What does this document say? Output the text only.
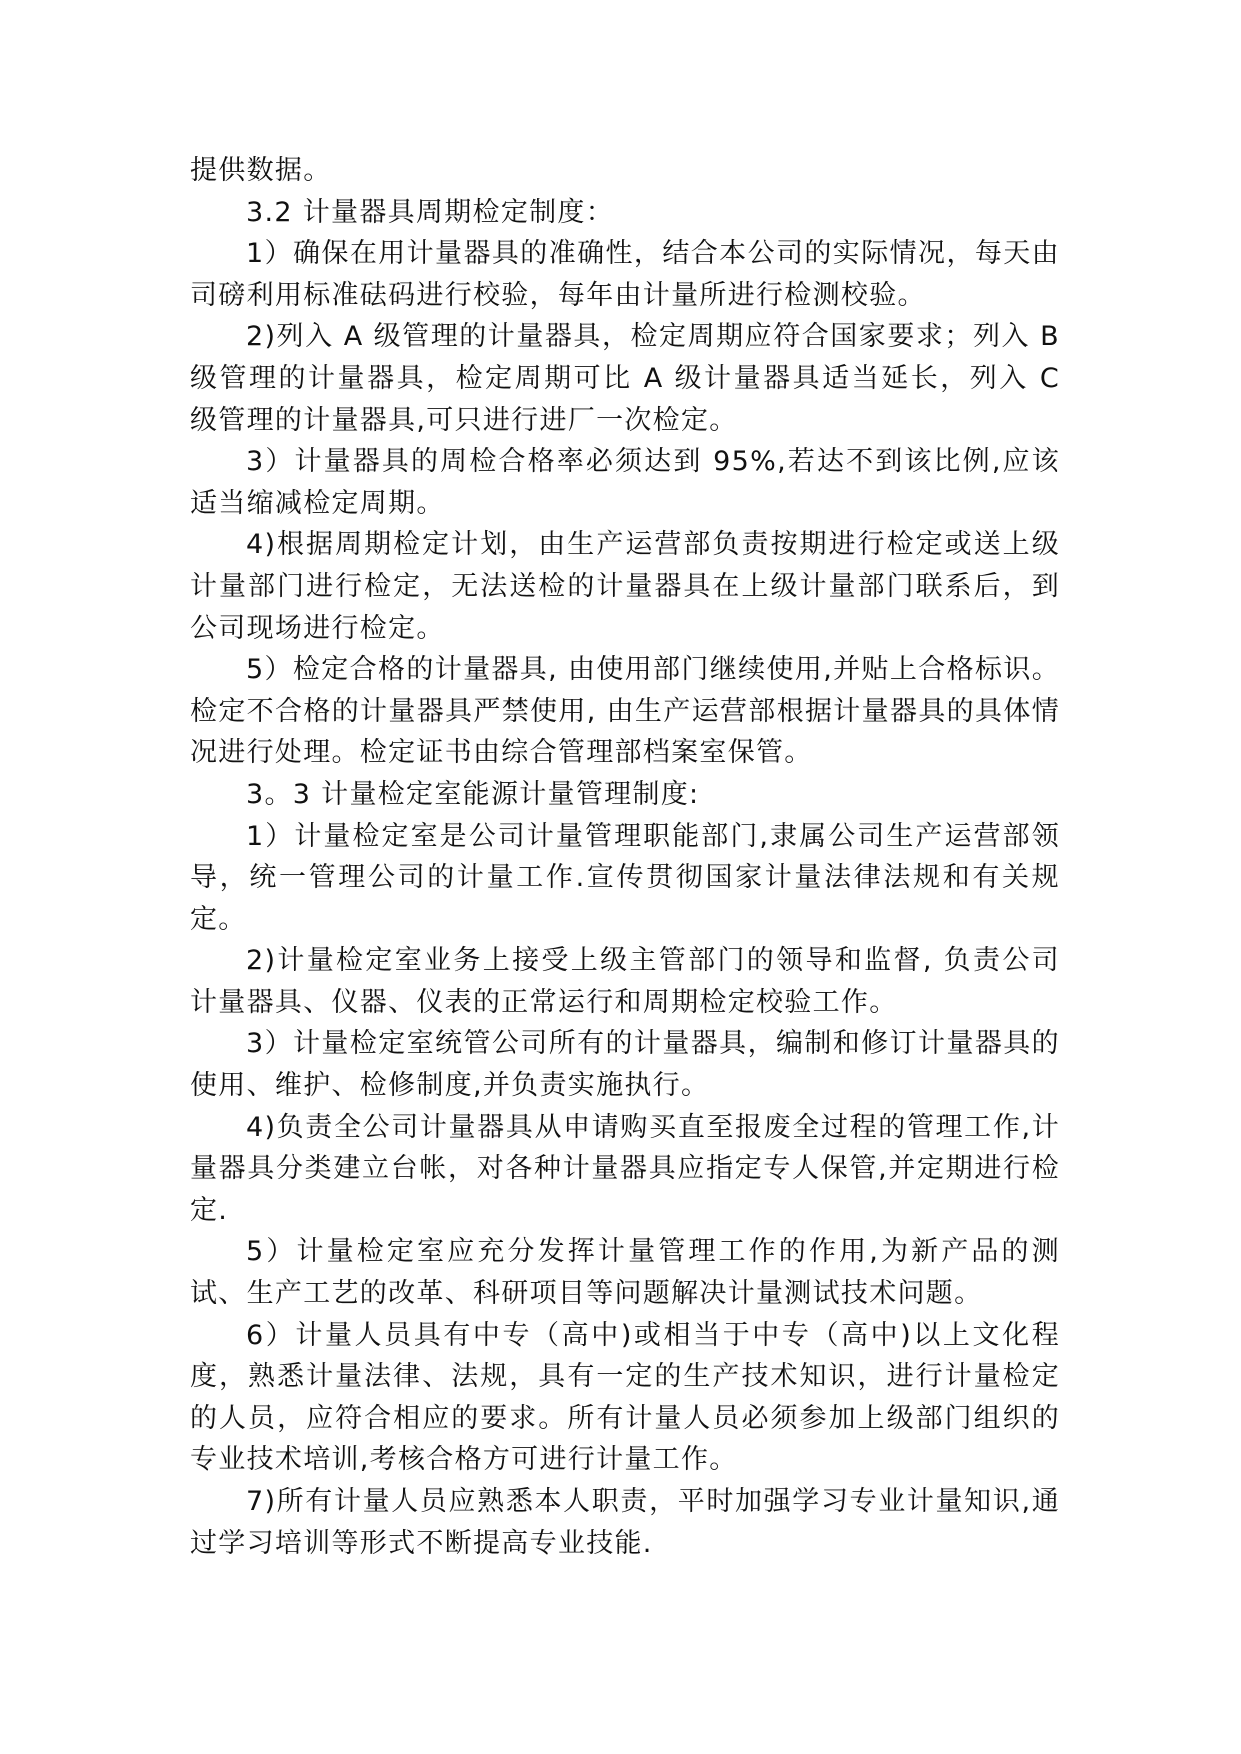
提供数据。

3.2 计量器具周期检定制度：

1）确保在用计量器具的准确性，结合本公司的实际情况，每天由司磅利用标准砝码进行校验，每年由计量所进行检测校验。

2)列入 A 级管理的计量器具，检定周期应符合国家要求；列入 B 级管理的计量器具，检定周期可比 A 级计量器具适当延长，列入 C 级管理的计量器具,可只进行进厂一次检定。

3）计量器具的周检合格率必须达到 95%,若达不到该比例,应该适当缩减检定周期。

4)根据周期检定计划，由生产运营部负责按期进行检定或送上级计量部门进行检定，无法送检的计量器具在上级计量部门联系后，到公司现场进行检定。

5）检定合格的计量器具, 由使用部门继续使用,并贴上合格标识。检定不合格的计量器具严禁使用, 由生产运营部根据计量器具的具体情况进行处理。检定证书由综合管理部档案室保管。

3。3 计量检定室能源计量管理制度:

1）计量检定室是公司计量管理职能部门,隶属公司生产运营部领导，统一管理公司的计量工作.宣传贯彻国家计量法律法规和有关规定。

2)计量检定室业务上接受上级主管部门的领导和监督, 负责公司计量器具、仪器、仪表的正常运行和周期检定校验工作。

3）计量检定室统管公司所有的计量器具，编制和修订计量器具的使用、维护、检修制度,并负责实施执行。

4)负责全公司计量器具从申请购买直至报废全过程的管理工作,计量器具分类建立台帐，对各种计量器具应指定专人保管,并定期进行检定.

5）计量检定室应充分发挥计量管理工作的作用,为新产品的测试、生产工艺的改革、科研项目等问题解决计量测试技术问题。

6）计量人员具有中专（高中)或相当于中专（高中)以上文化程度，熟悉计量法律、法规，具有一定的生产技术知识，进行计量检定的人员，应符合相应的要求。所有计量人员必须参加上级部门组织的专业技术培训,考核合格方可进行计量工作。

7)所有计量人员应熟悉本人职责，平时加强学习专业计量知识,通过学习培训等形式不断提高专业技能.
